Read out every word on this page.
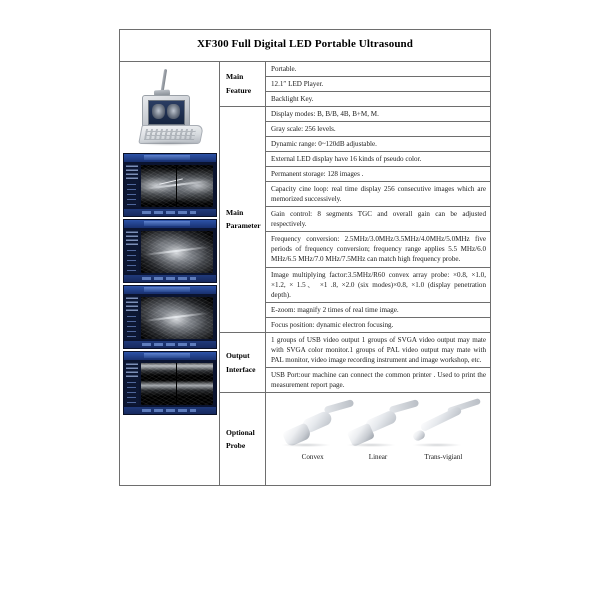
XF300 Full Digital LED Portable Ultrasound		

	Main Feature	Portable.
		12.1″ LED Player.
		Backlight Key.
	Main Parameter	Display modes: B, B/B, 4B, B+M, M.
		Gray scale: 256 levels.
		Dynamic range: 0~120dB adjustable.
		External LED display have 16 kinds of pseudo color.
		Permanent storage: 128 images .
		Capacity cine loop: real time display 256 consecutive images which are memorized successively.
		Gain control: 8 segments TGC and overall gain can be adjusted respectively.
		Frequency conversion: 2.5MHz/3.0MHz/3.5MHz/4.0MHz/5.0MHz five periods of frequency conversion; frequency range applies 5.5 MHz/6.0 MHz/6.5 MHz/7.0 MHz/7.5MHz can match high frequency probe.
		Image multiplying factor:3.5MHz/R60 convex array probe: ×0.8, ×1.0, ×1.2, × 1.5、 ×1 .8, ×2.0 (six modes)×0.8, ×1.0 (display penetration depth).
		E-zoom: magnify 2 times of real time image.
		Focus position: dynamic electron focusing.
	Output Interface	1 groups of USB video output 1 groups of SVGA video output may mate with SVGA color monitor.1 groups of PAL video output may mate with PAL monitor, video image recording instrument and image workshop, etc.
		USB Port:our machine can connect the common printer . Used to print the measurement report page.
	Optional Probe	Convex Linear Trans-vigianl
